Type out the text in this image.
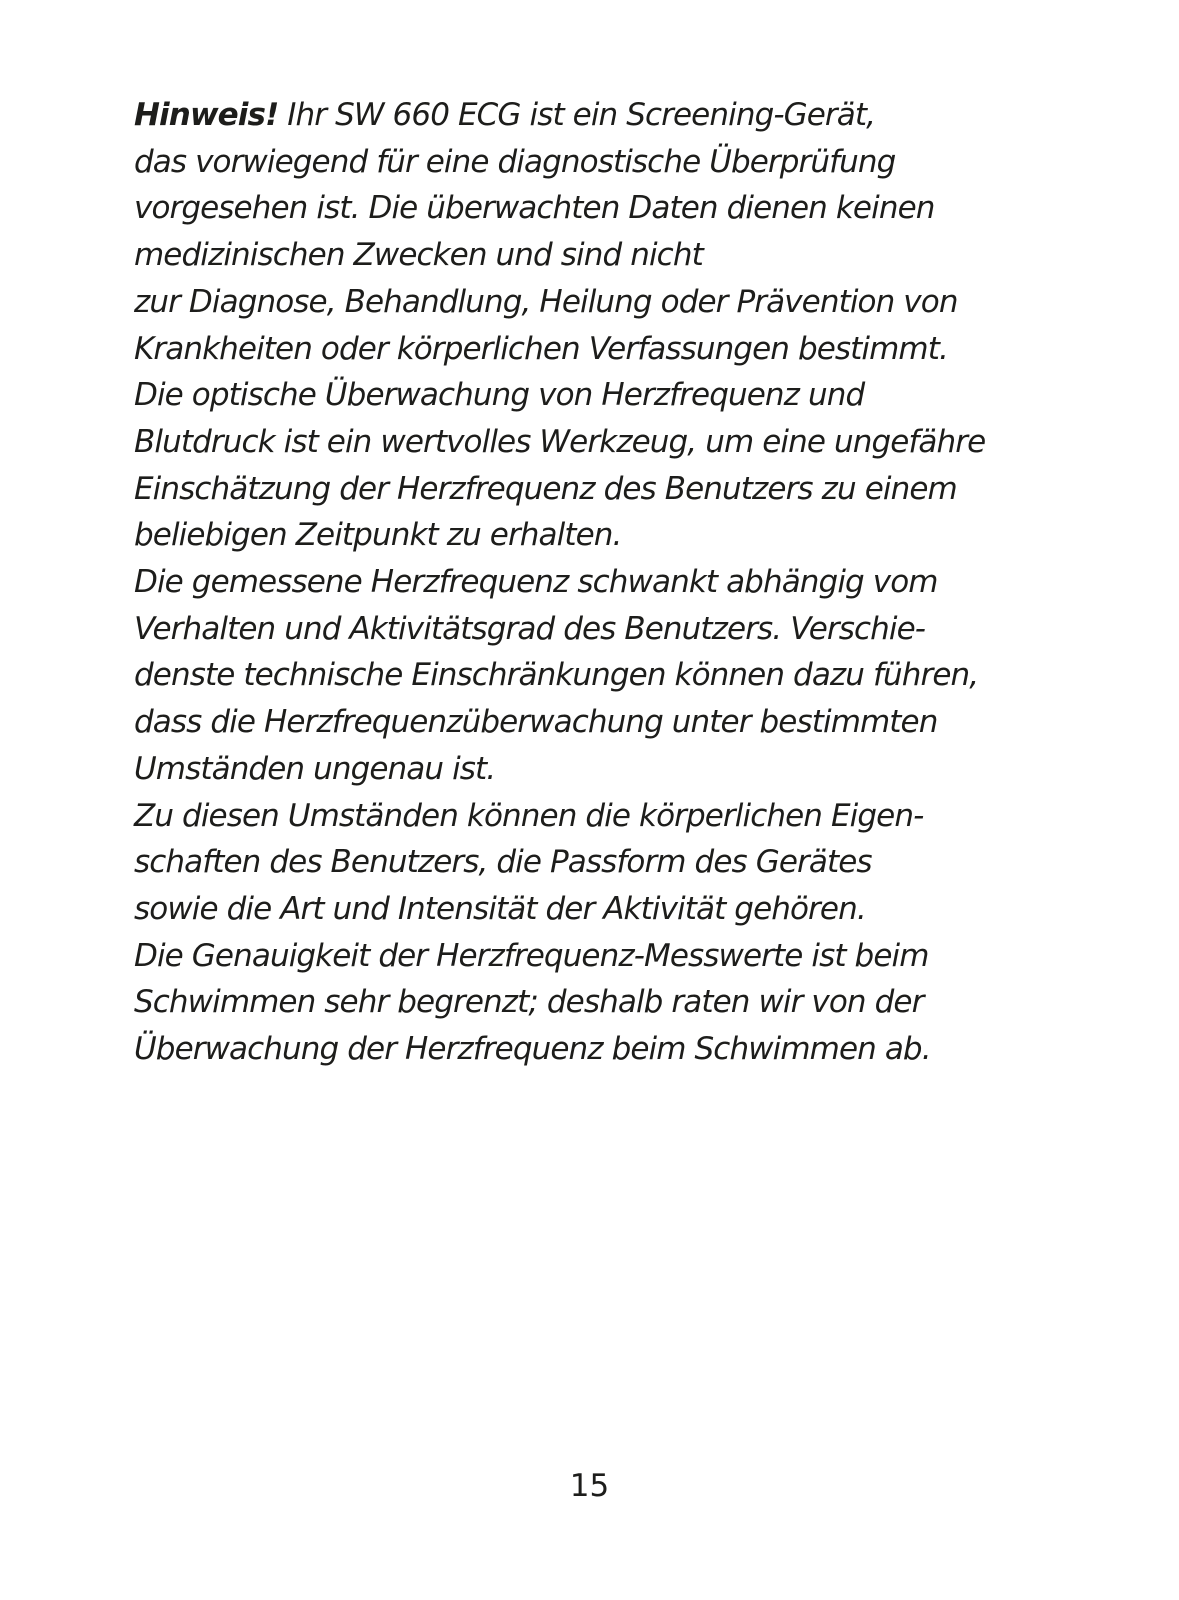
Hinweis! Ihr SW 660 ECG ist ein Screening-Gerät,
das vorwiegend für eine diagnostische Überprüfung
vorgesehen ist. Die überwachten Daten dienen keinen
medizinischen Zwecken und sind nicht
zur Diagnose, Behandlung, Heilung oder Prävention von
Krankheiten oder körperlichen Verfassungen bestimmt.
Die optische Überwachung von Herzfrequenz und
Blutdruck ist ein wertvolles Werkzeug, um eine ungefähre
Einschätzung der Herzfrequenz des Benutzers zu einem
beliebigen Zeitpunkt zu erhalten.
Die gemessene Herzfrequenz schwankt abhängig vom
Verhalten und Aktivitätsgrad des Benutzers. Verschie-
denste technische Einschränkungen können dazu führen,
dass die Herzfrequenzüberwachung unter bestimmten
Umständen ungenau ist.
Zu diesen Umständen können die körperlichen Eigen-
schaften des Benutzers, die Passform des Gerätes
sowie die Art und Intensität der Aktivität gehören.
Die Genauigkeit der Herzfrequenz-Messwerte ist beim
Schwimmen sehr begrenzt; deshalb raten wir von der
Überwachung der Herzfrequenz beim Schwimmen ab.
15
